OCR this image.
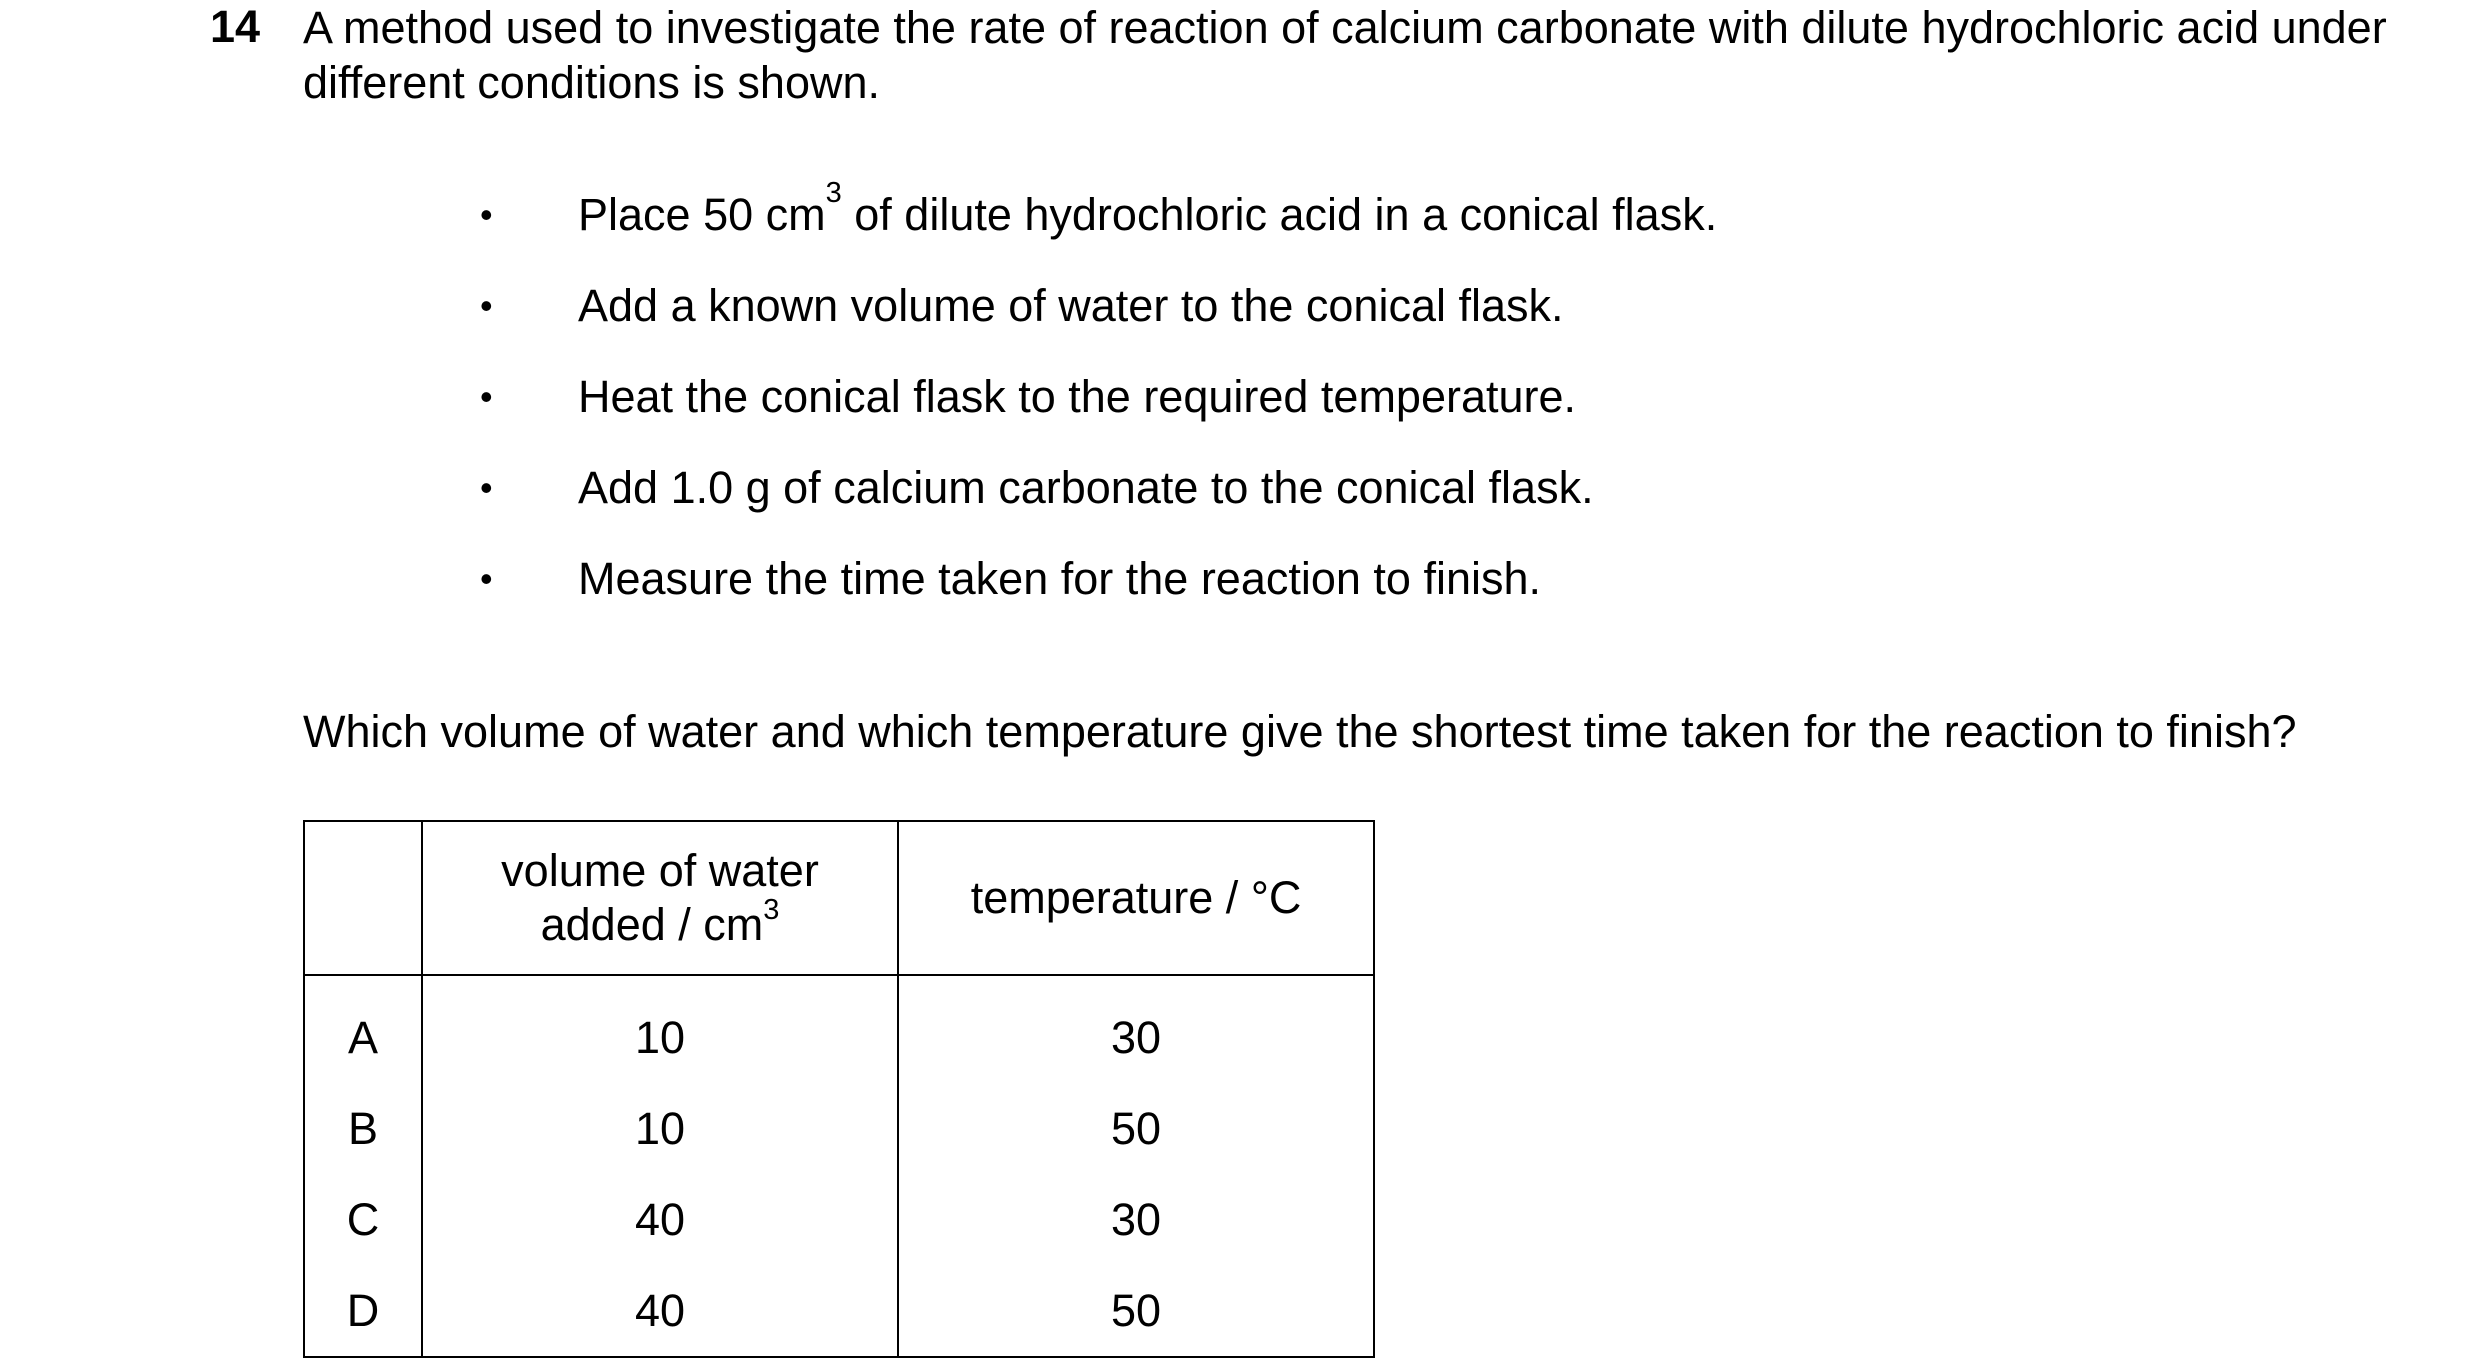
14 A method used to investigate the rate of reaction of calcium carbonate with dilute hydrochloric acid under different conditions is shown.
• Place 50 $cm^3$ of dilute hydrochloric acid in a conical flask.
• Add a known volume of water to the conical flask.
• Heat the conical flask to the required temperature.
• Add 1.0 g of calcium carbonate to the conical flask.
• Measure the time taken for the reaction to finish.
Which volume of water and which temperature give the shortest time taken for the reaction to finish?
	volume of water
added / $cm^3$	temperature / °C
A	10	30
B	10	50
C	40	30
D	40	50
